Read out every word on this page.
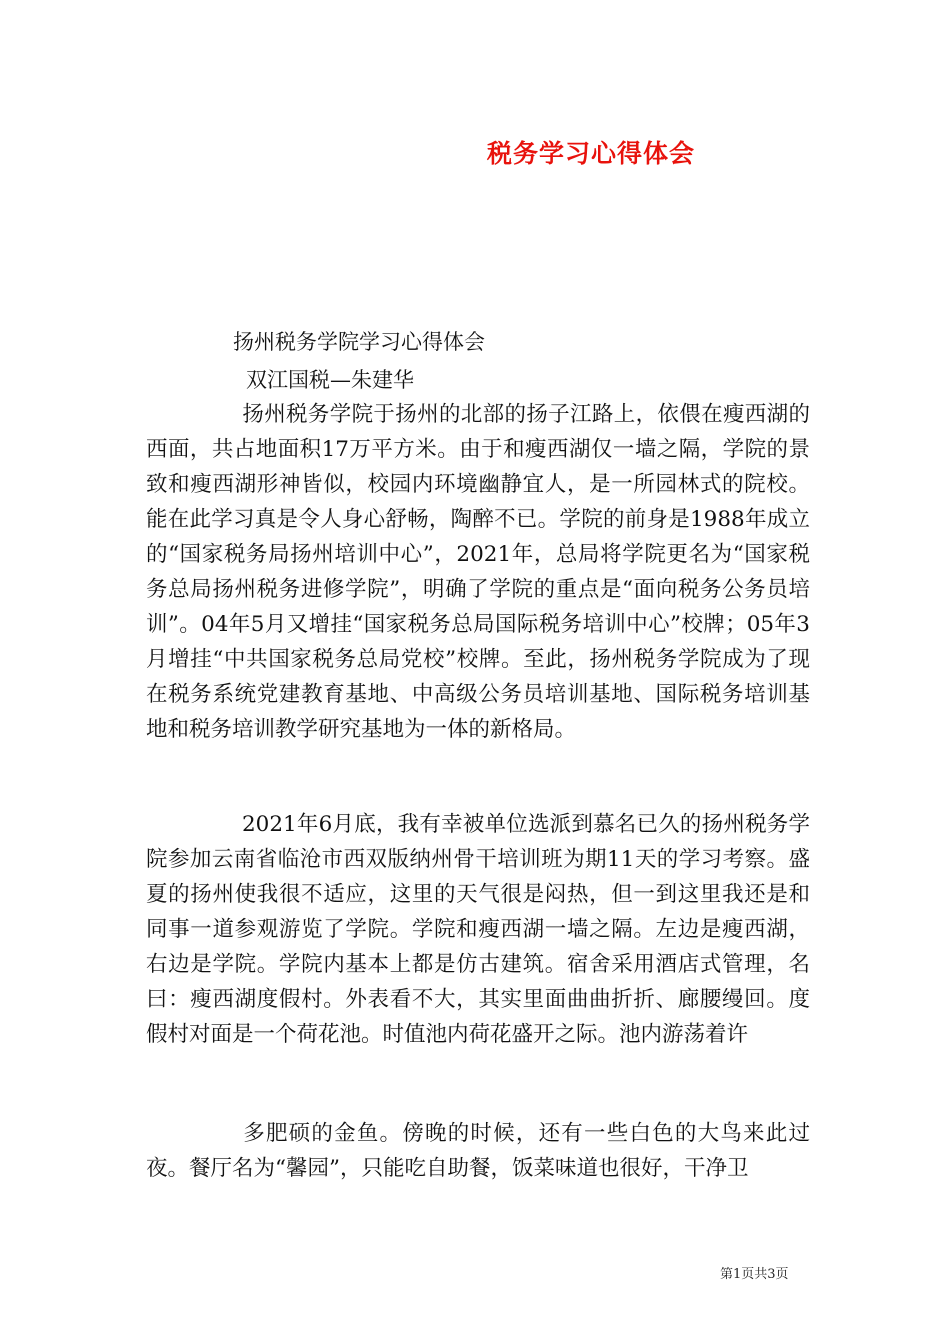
税务学习心得体会
扬州税务学院学习心得体会
双江国税—朱建华

扬州税务学院于扬州的北部的扬子江路上，依偎在瘦西湖的西面，共占地面积17万平方米。由于和瘦西湖仅一墙之隔，学院的景致和瘦西湖形神皆似，校园内环境幽静宜人，是一所园林式的院校。能在此学习真是令人身心舒畅，陶醉不已。学院的前身是1988年成立的“国家税务局扬州培训中心”，2021年，总局将学院更名为“国家税务总局扬州税务进修学院”，明确了学院的重点是“面向税务公务员培训”。04年5月又增挂“国家税务总局国际税务培训中心”校牌；05年3月增挂“中共国家税务总局党校”校牌。至此，扬州税务学院成为了现在税务系统党建教育基地、中高级公务员培训基地、国际税务培训基地和税务培训教学研究基地为一体的新格局。

2021年6月底，我有幸被单位选派到慕名已久的扬州税务学院参加云南省临沧市西双版纳州骨干培训班为期11天的学习考察。盛夏的扬州使我很不适应，这里的天气很是闷热，但一到这里我还是和同事一道参观游览了学院。学院和瘦西湖一墙之隔。左边是瘦西湖，右边是学院。学院内基本上都是仿古建筑。宿舍采用酒店式管理，名曰：瘦西湖度假村。外表看不大，其实里面曲曲折折、廊腰缦回。度假村对面是一个荷花池。时值池内荷花盛开之际。池内游荡着许

多肥硕的金鱼。傍晚的时候，还有一些白色的大鸟来此过夜。餐厅名为“馨园”，只能吃自助餐，饭菜味道也很好，干净卫

第1页共3页
